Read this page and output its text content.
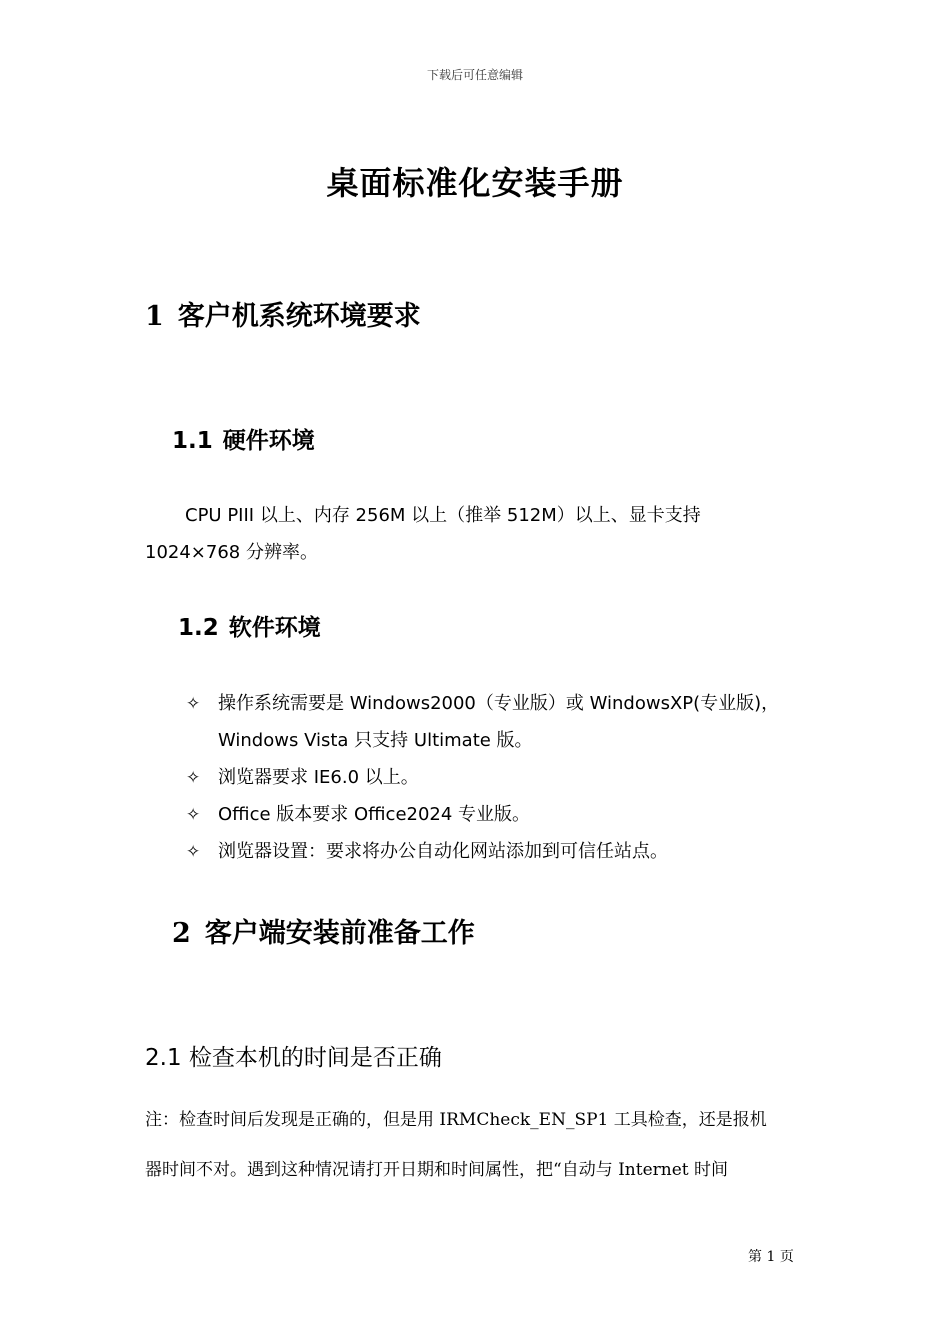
下载后可任意编辑
桌面标准化安装手册
1 客户机系统环境要求
1.1 硬件环境
CPU PIII 以上、内存 256M 以上（推举 512M）以上、显卡支持
1024×768 分辨率。
1.2 软件环境
✧ 操作系统需要是 Windows2000（专业版）或 WindowsXP(专业版)，
Windows Vista 只支持 Ultimate 版。
✧ 浏览器要求 IE6.0 以上。
✧ Office 版本要求 Office2024 专业版。
✧ 浏览器设置：要求将办公自动化网站添加到可信任站点。
2 客户端安装前准备工作
2.1 检查本机的时间是否正确
注：检查时间后发现是正确的，但是用 IRMCheck_EN_SP1 工具检查，还是报机
器时间不对。遇到这种情况请打开日期和时间属性，把“自动与 Internet 时间
第 1 页
